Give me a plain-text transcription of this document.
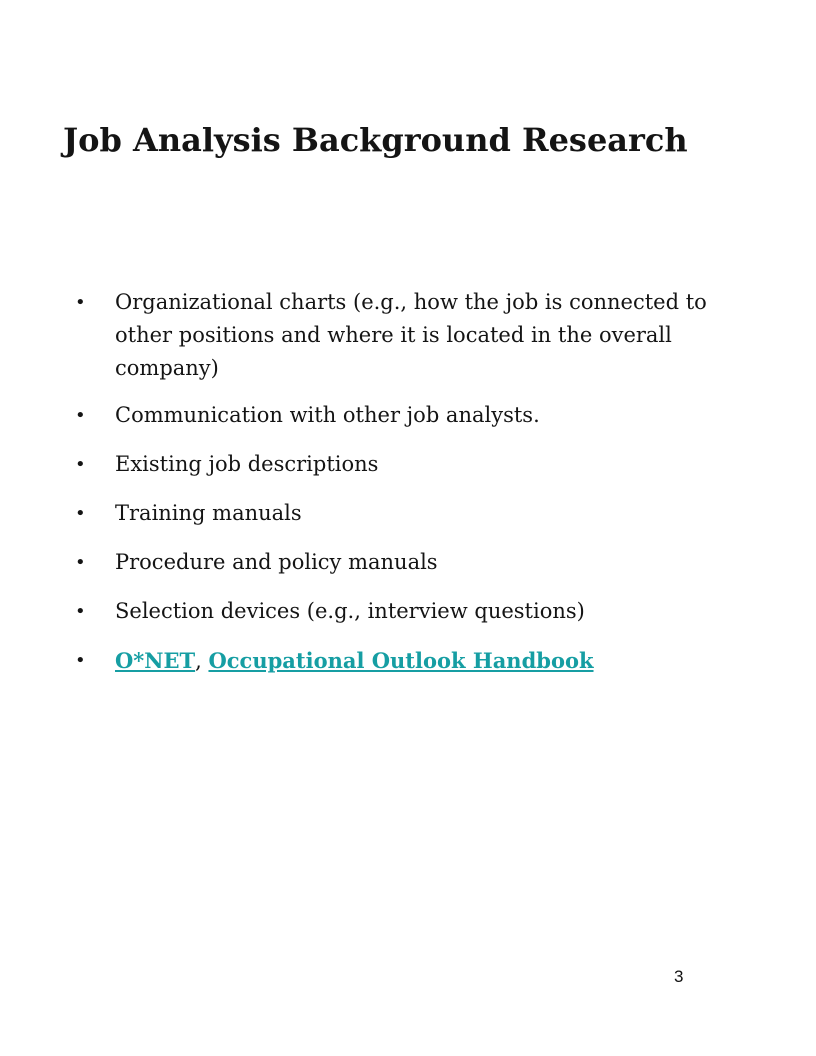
Job Analysis Background Research
• Organizational charts (e.g., how the job is connected to other positions and where it is located in the overall company)
• Communication with other job analysts.
• Existing job descriptions
• Training manuals
• Procedure and policy manuals
• Selection devices (e.g., interview questions)
• O*NET, Occupational Outlook Handbook
3
